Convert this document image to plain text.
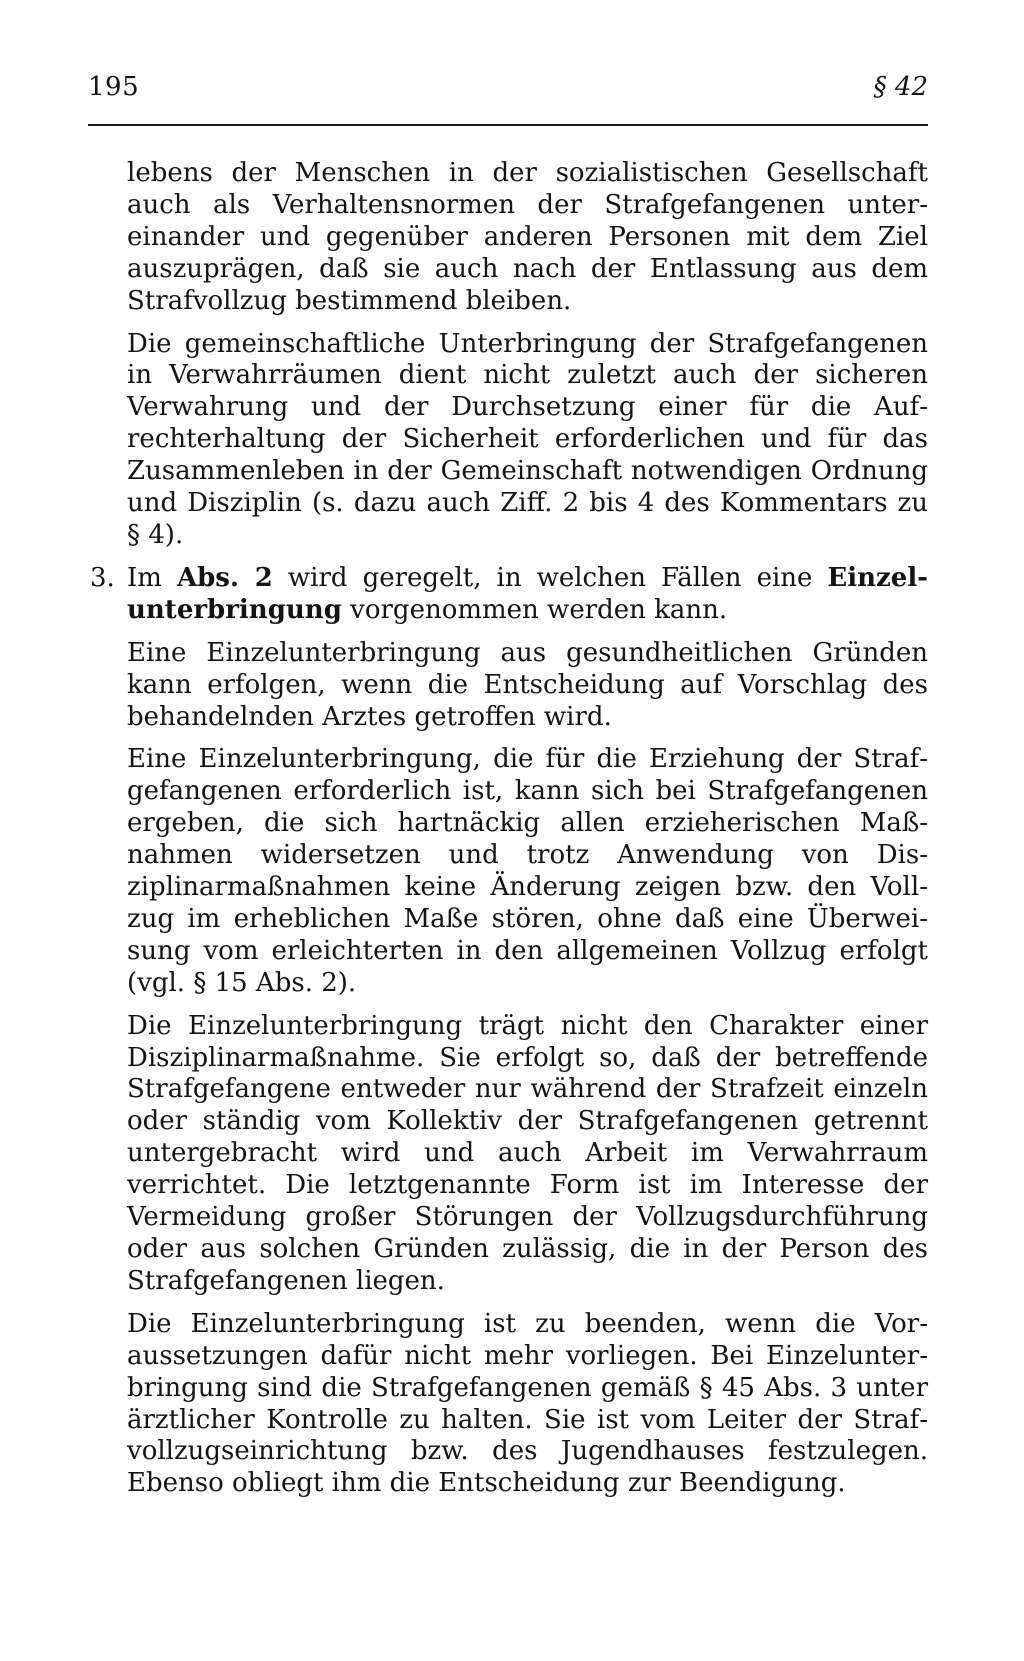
195	§ 42

lebens der Menschen in der sozialistischen Gesellschaft auch als Verhaltensnormen der Strafgefangenen untereinander und gegenüber anderen Personen mit dem Ziel auszuprägen, daß sie auch nach der Entlassung aus dem Strafvollzug bestimmend bleiben.

Die gemeinschaftliche Unterbringung der Strafgefangenen in Verwahrräumen dient nicht zuletzt auch der sicheren Verwahrung und der Durchsetzung einer für die Aufrechterhaltung der Sicherheit erforderlichen und für das Zusammenleben in der Gemeinschaft notwendigen Ordnung und Disziplin (s. dazu auch Ziff. 2 bis 4 des Kommentars zu § 4).

3. Im Abs. 2 wird geregelt, in welchen Fällen eine Einzelunterbringung vorgenommen werden kann.

Eine Einzelunterbringung aus gesundheitlichen Gründen kann erfolgen, wenn die Entscheidung auf Vorschlag des behandelnden Arztes getroffen wird.

Eine Einzelunterbringung, die für die Erziehung der Strafgefangenen erforderlich ist, kann sich bei Strafgefangenen ergeben, die sich hartnäckig allen erzieherischen Maßnahmen widersetzen und trotz Anwendung von Disziplinarmaßnahmen keine Änderung zeigen bzw. den Vollzug im erheblichen Maße stören, ohne daß eine Überweisung vom erleichterten in den allgemeinen Vollzug erfolgt (vgl. § 15 Abs. 2).

Die Einzelunterbringung trägt nicht den Charakter einer Disziplinarmaßnahme. Sie erfolgt so, daß der betreffende Strafgefangene entweder nur während der Strafzeit einzeln oder ständig vom Kollektiv der Strafgefangenen getrennt untergebracht wird und auch Arbeit im Verwahrraum verrichtet. Die letztgenannte Form ist im Interesse der Vermeidung großer Störungen der Vollzugsdurchführung oder aus solchen Gründen zulässig, die in der Person des Strafgefangenen liegen.

Die Einzelunterbringung ist zu beenden, wenn die Voraussetzungen dafür nicht mehr vorliegen. Bei Einzelunterbringung sind die Strafgefangenen gemäß § 45 Abs. 3 unter ärztlicher Kontrolle zu halten. Sie ist vom Leiter der Strafvollzugseinrichtung bzw. des Jugendhauses festzulegen. Ebenso obliegt ihm die Entscheidung zur Beendigung.
